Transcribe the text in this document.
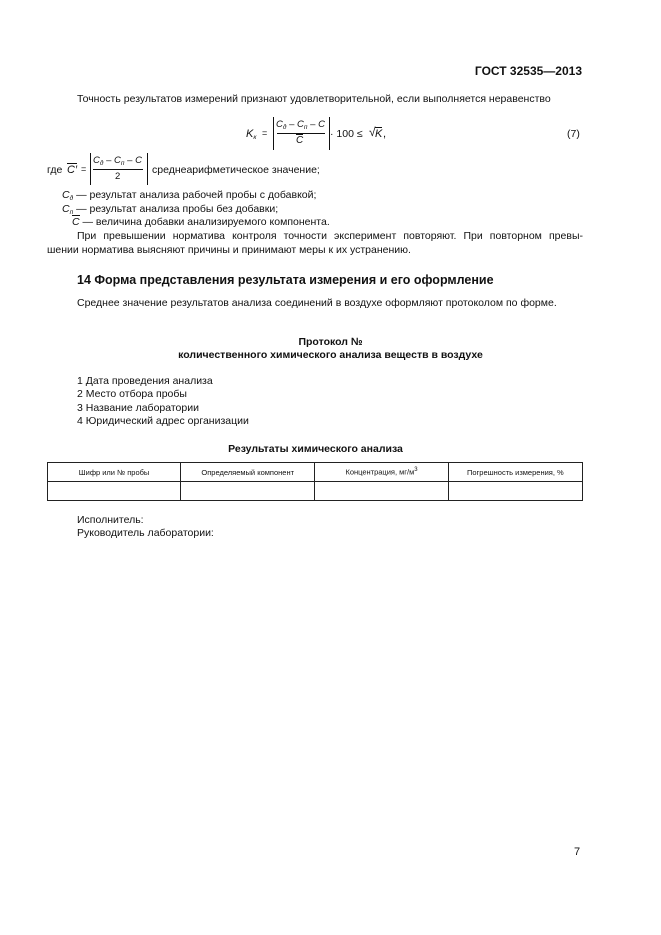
ГОСТ 32535—2013
Точность результатов измерений признают удовлетворительной, если выполняется неравенство
$K_к$ =
$C_д - C_п$ – C
C
· 100 ≤ √ K ,	(7)
где C′ =
$C_д - C_п$ – C
2
среднеарифметическое значение;
$C_д$ — результат анализа рабочей пробы с добавкой;
$C_п$ — результат анализа пробы без добавки;
C — величина добавки анализируемого компонента.
При превышении норматива контроля точности эксперимент повторяют. При повторном превы-
шении норматива выясняют причины и принимают меры к их устранению.
14 Форма представления результата измерения и его оформление
Среднее значение результатов анализа соединений в воздухе оформляют протоколом по форме.
Протокол №
количественного химического анализа веществ в воздухе
1 Дата проведения анализа
2 Место отбора пробы
3 Название лаборатории
4 Юридический адрес организации
Результаты химического анализа
Шифр или № пробы	Определяемый компонент	Концентрация, $мг/м^3$	Погрешность измерения, %

Исполнитель:
Руководитель лаборатории:
7
